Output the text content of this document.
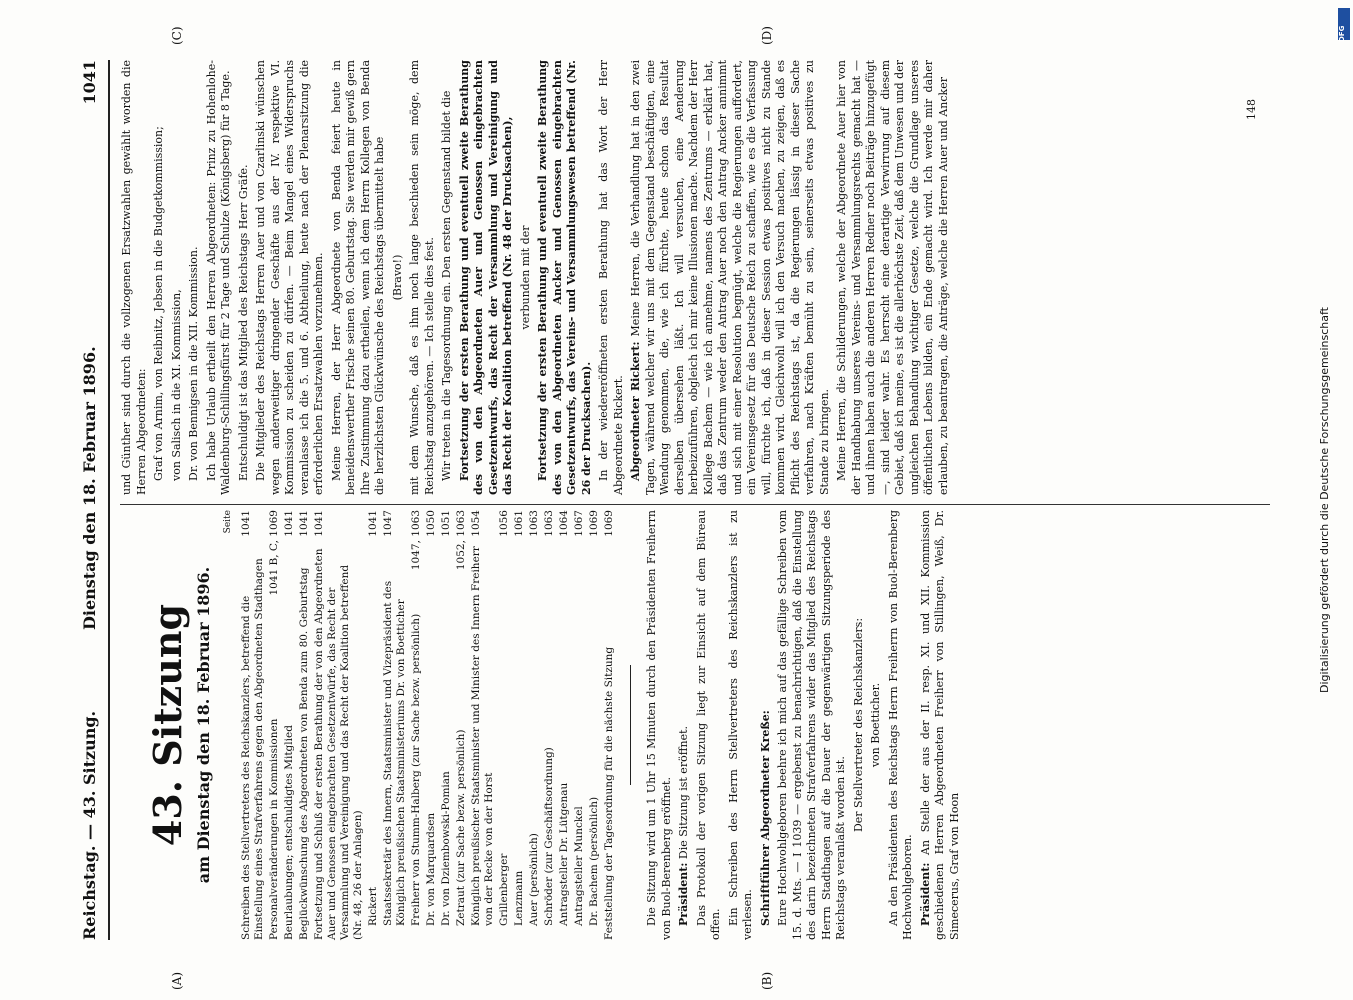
Reichstag. — 43. Sitzung.
Dienstag den 18. Februar 1896.
1041
(A)	(B)
(C)	(D)
43. Sitzung am Dienstag den 18. Februar 1896.
Seite
Schreiben des Stellvertreters des Reichskanzlers, betreffend die Einstellung eines Strafverfahrens gegen den Abgeordneten Stadthagen
1041
Personalveränderungen in Kommissionen
1041 B, C, 1069
Beurlaubungen; entschuldigtes Mitglied
1041
Beglückwünschung des Abgeordneten von Benda zum 80. Geburtstag
1041
Fortsetzung und Schluß der ersten Berathung der von den Abgeordneten Auer und Genossen eingebrachten Gesetzentwürfe, das Recht der Versammlung und Vereinigung und das Recht der Koalition betreffend (Nr. 48, 26 der Anlagen)
1041
Rickert
1041
Staatssekretär des Innern, Staatsminister und Vizepräsident des Königlich preußischen Staatsministeriums Dr. von Boetticher
1047
Freiherr von Stumm-Halberg (zur Sache bezw. persönlich)
1047, 1063
Dr. von Marquardsen
1050
Dr. von Dziembowski-Pomian
1051
Zetraut (zur Sache bezw. persönlich)
1052, 1063
Königlich preußischer Staatsminister und Minister des Innern Freiherr von der Recke von der Horst
1054
Grillenberger
1056
Lenzmann
1061
Auer (persönlich)
1063
Schröder (zur Geschäftsordnung)
1063
Antragsteller Dr. Lütgenau
1064
Antragsteller Munckel
1067
Dr. Bachem (persönlich)
1069
Feststellung der Tagesordnung für die nächste Sitzung
1069	Die Sitzung wird um 1 Uhr 15 Minuten durch den Präsidenten Freiherrn von Buol-Berenberg eröffnet. Präsident: Die Sitzung ist eröffnet. Das Protokoll der vorigen Sitzung liegt zur Einsicht auf dem Büreau offen. Ein Schreiben des Herrn Stellvertreters des Reichskanzlers ist zu verlesen. Schriftführer Abgeordneter Kreße: Eure Hochwohlgeboren beehre ich mich auf das gefällige Schreiben vom 15. d. Mts. — I 1039 — ergebenst zu benachrichtigen, daß die Einstellung des darin bezeichneten Strafverfahrens wider das Mitglied des Reichstags Herrn Stadthagen auf die Dauer der gegenwärtigen Sitzungsperiode des Reichstags veranlaßt worden ist.

Der Stellvertreter des Reichskanzlers: von Boetticher. An den Präsidenten des Reichstags Herrn Freiherrn von Buol-Berenberg Hochwohlgeboren. Präsident: An Stelle der aus der II. resp. XI. und XII. Kommission geschiedenen Herren Abgeordneten Freiherr von Stillingen, Weiß, Dr. Simecerus, Graf von Hoon

und Günther sind durch die vollzogenen Ersatzwahlen gewählt worden die Herren Abgeordneten: Graf von Arnim, von Reibnitz, Jebsen in die Budgetkommission; von Salisch in die XI. Kommission, Dr. von Bennigsen in die XII. Kommission. Ich habe Urlaub ertheilt den Herren Abgeordneten: Prinz zu Hohenlohe-Waldenburg-Schillingsfürst für 2 Tage und Schulze (Königsberg) für 8 Tage. Entschuldigt ist das Mitglied des Reichstags Herr Gräfe. Die Mitglieder des Reichstags Herren Auer und von Czarlinski wünschen wegen anderweitiger dringender Geschäfte aus der IV. respektive VI. Kommission zu scheiden zu dürfen. — Beim Mangel eines Widerspruchs veranlasse ich die 5. und 6. Abtheilung, heute nach der Plenarsitzung die erforderlichen Ersatzwahlen vorzunehmen. Meine Herren, der Herr Abgeordnete von Benda feiert heute in beneidenswerther Frische seinen 80. Geburtstag. Sie werden mir gewiß gern Ihre Zustimmung dazu ertheilen, wenn ich dem Herrn Kollegen von Benda die herzlichsten Glückwünsche des Reichstags übermittelt habe (Bravo!) mit dem Wunsche, daß es ihm noch lange beschieden sein möge, dem Reichstag anzugehören. — Ich stelle dies fest. Wir treten in die Tagesordnung ein. Den ersten Gegenstand bildet die Fortsetzung der ersten Berathung und eventuell zweite Berathung des von den Abgeordneten Auer und Genossen eingebrachten Gesetzentwurfs, das Recht der Versammlung und Vereinigung und das Recht der Koalition betreffend (Nr. 48 der Drucksachen), verbunden mit der Fortsetzung der ersten Berathung und eventuell zweite Berathung des von den Abgeordneten Ancker und Genossen eingebrachten Gesetzentwurfs, das Vereins- und Versammlungswesen betreffend (Nr. 26 der Drucksachen). In der wiedereröffneten ersten Berathung hat das Wort der Herr Abgeordnete Rickert. Abgeordneter Rickert: Meine Herren, die Verhandlung hat in den zwei Tagen, während welcher wir uns mit dem Gegenstand beschäftigten, eine Wendung genommen, die, wie ich fürchte, heute schon das Resultat derselben übersehen läßt. Ich will versuchen, eine Aenderung herbeizuführen, obgleich ich mir keine Illusionen mache. Nachdem der Herr Kollege Bachem — wie ich annehme, namens des Zentrums — erklärt hat, daß das Zentrum weder den Antrag Auer noch den Antrag Ancker annimmt und sich mit einer Resolution begnügt, welche die Regierungen auffordert, ein Vereinsgesetz für das Deutsche Reich zu schaffen, wie es die Verfassung will, fürchte ich, daß in dieser Session etwas positives nicht zu Stande kommen wird. Gleichwohl will ich den Versuch machen, zu zeigen, daß es Pflicht des Reichstags ist, da die Regierungen lässig in dieser Sache verfahren, nach Kräften bemüht zu sein, seinerseits etwas positives zu Stande zu bringen. Meine Herren, die Schilderungen, welche der Abgeordnete Auer hier von der Handhabung unseres Vereins- und Versammlungsrechts gemacht hat — und ihnen haben auch die anderen Herren Redner noch Beiträge hinzugefügt —, sind leider wahr. Es herrscht eine derartige Verwirrung auf diesem Gebiet, daß ich meine, es ist die allerhöchste Zeit, daß dem Unwesen und der ungleichen Behandlung wichtiger Gesetze, welche die Grundlage unseres öffentlichen Lebens bilden, ein Ende gemacht wird. Ich werde mir daher erlauben, zu beantragen, die Anträge, welche die Herren Auer und Ancker	148
Digitalisierung gefördert durch die Deutsche Forschungsgemeinschaft
DFG
